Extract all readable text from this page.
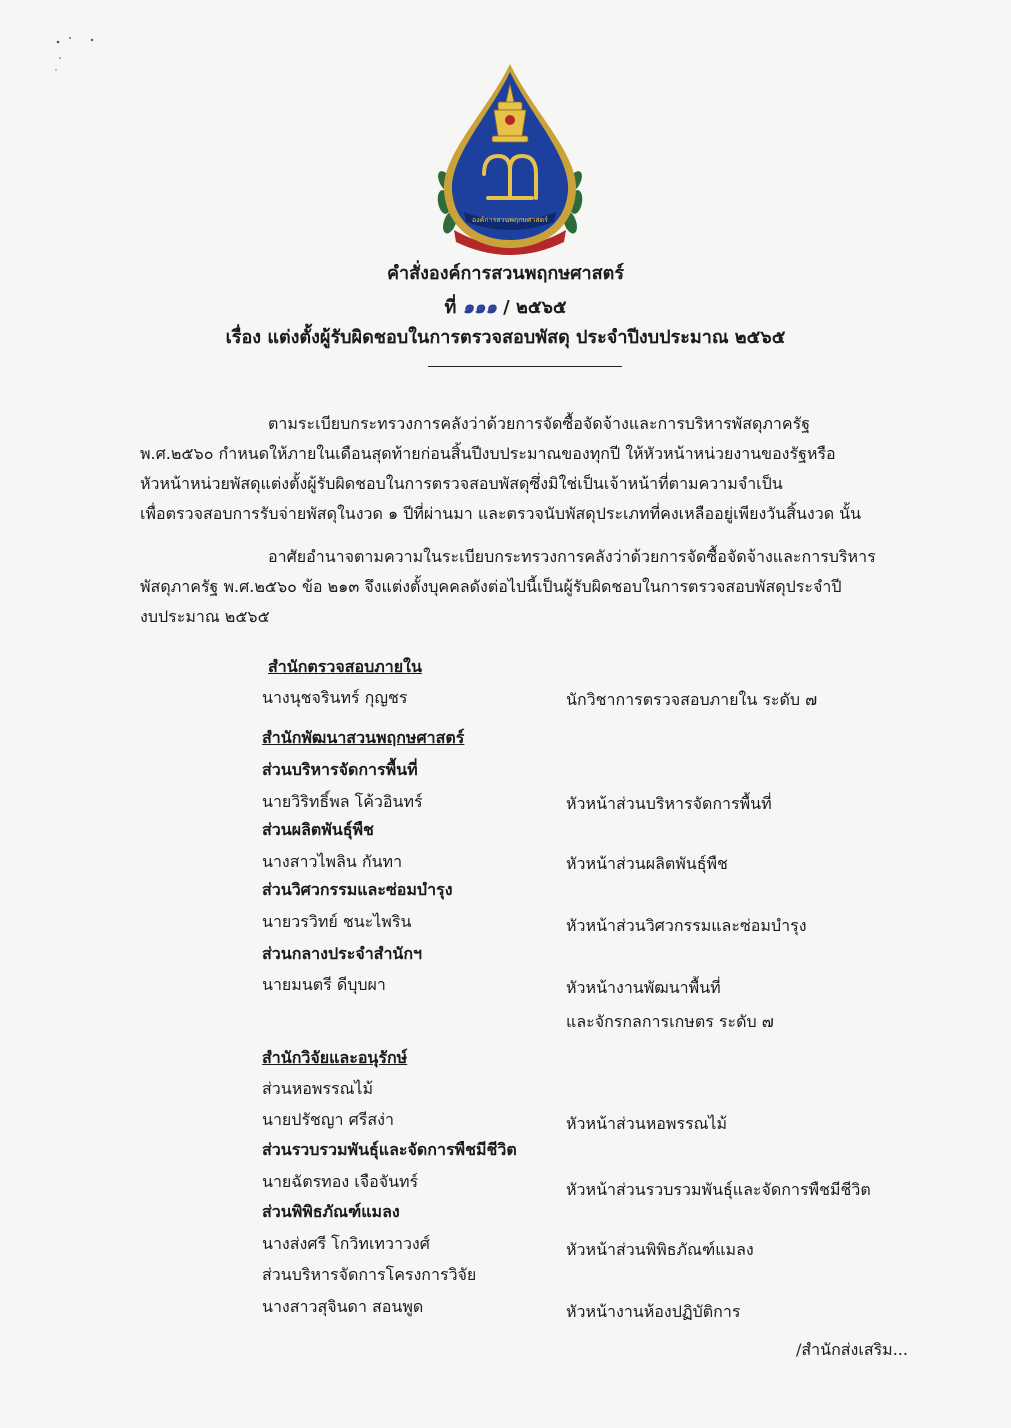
องค์การสวนพฤกษศาสตร์
คำสั่งองค์การสวนพฤกษศาสตร์
ที่ ๑๑๑ / ๒๕๖๕
เรื่อง แต่งตั้งผู้รับผิดชอบในการตรวจสอบพัสดุ ประจำปีงบประมาณ ๒๕๖๕
ตามระเบียบกระทรวงการคลังว่าด้วยการจัดซื้อจัดจ้างและการบริหารพัสดุภาครัฐ
พ.ศ.๒๕๖๐ กำหนดให้ภายในเดือนสุดท้ายก่อนสิ้นปีงบประมาณของทุกปี ให้หัวหน้าหน่วยงานของรัฐหรือ
หัวหน้าหน่วยพัสดุแต่งตั้งผู้รับผิดชอบในการตรวจสอบพัสดุซึ่งมิใช่เป็นเจ้าหน้าที่ตามความจำเป็น
เพื่อตรวจสอบการรับจ่ายพัสดุในงวด ๑ ปีที่ผ่านมา และตรวจนับพัสดุประเภทที่คงเหลืออยู่เพียงวันสิ้นงวด นั้น
อาศัยอำนาจตามความในระเบียบกระทรวงการคลังว่าด้วยการจัดซื้อจัดจ้างและการบริหาร
พัสดุภาครัฐ พ.ศ.๒๕๖๐ ข้อ ๒๑๓ จึงแต่งตั้งบุคคลดังต่อไปนี้เป็นผู้รับผิดชอบในการตรวจสอบพัสดุประจำปี
งบประมาณ ๒๕๖๕
สำนักตรวจสอบภายใน
นางนุชจรินทร์ กุญชร	นักวิชาการตรวจสอบภายใน ระดับ ๗
สำนักพัฒนาสวนพฤกษศาสตร์
ส่วนบริหารจัดการพื้นที่
นายวิริทธิ์พล โค้วอินทร์	หัวหน้าส่วนบริหารจัดการพื้นที่
ส่วนผลิตพันธุ์พืช
นางสาวไพลิน กันทา	หัวหน้าส่วนผลิตพันธุ์พืช
ส่วนวิศวกรรมและซ่อมบำรุง
นายวรวิทย์ ชนะไพริน	หัวหน้าส่วนวิศวกรรมและซ่อมบำรุง
ส่วนกลางประจำสำนักฯ
นายมนตรี ดีบุบผา	หัวหน้างานพัฒนาพื้นที่
และจักรกลการเกษตร ระดับ ๗
สำนักวิจัยและอนุรักษ์
ส่วนหอพรรณไม้
นายปรัชญา ศรีสง่า	หัวหน้าส่วนหอพรรณไม้
ส่วนรวบรวมพันธุ์และจัดการพืชมีชีวิต
นายฉัตรทอง เจือจันทร์	หัวหน้าส่วนรวบรวมพันธุ์และจัดการพืชมีชีวิต
ส่วนพิพิธภัณฑ์แมลง
นางส่งศรี โกวิทเทวาวงศ์	หัวหน้าส่วนพิพิธภัณฑ์แมลง
ส่วนบริหารจัดการโครงการวิจัย
นางสาวสุจินดา สอนพูด	หัวหน้างานห้องปฏิบัติการ
/สำนักส่งเสริม...
